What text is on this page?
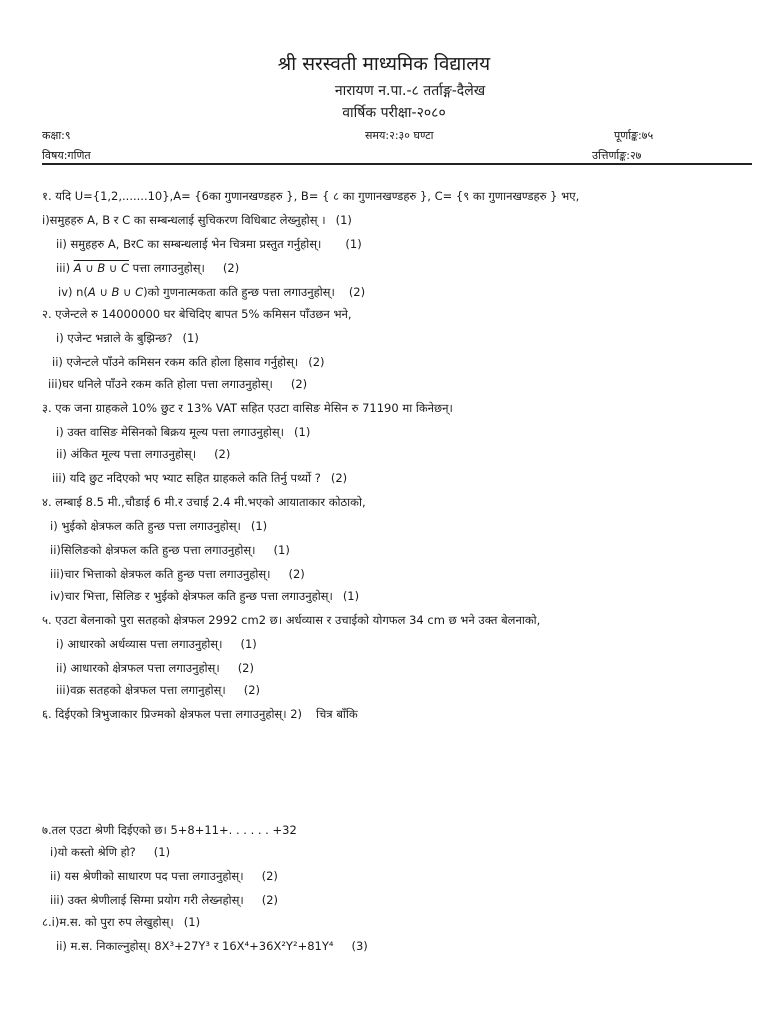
श्री सरस्वती माध्यमिक विद्यालय
नारायण न.पा.-८ तर्ताङ्ग-दैलेख
वार्षिक परीक्षा-२०८०
कक्षा:९
विषय:गणित
समय:२:३० घण्टा	पूर्णाङ्क:७५
उत्तिर्णाङ्क:२७
१. यदि U={1,2,.......10},A= {6का गुणानखण्डहरु }, B= { ८ का गुणानखण्डहरु }, C= {९ का गुणानखण्डहरु } भए,
i)समुहहरु A, B र C का सम्बन्धलाई सुचिकरण विधिबाट लेख्नुहोस् । (1)
ii) समुहहरु A, BरC का सम्बन्धलाई भेन चित्रमा प्रस्तुत गर्नुहोस्। (1)
iii) A ∪ B ∪ C पत्ता लगाउनुहोस्। (2)
iv) n(A ∪ B ∪ C)को गुणनात्मकता कति हुन्छ पत्ता लगाउनुहोस्। (2)
२. एजेन्टले रु 14000000 घर बेचिदिए बापत 5% कमिसन पाँउछन भने,
i) एजेन्ट भन्नाले के बुझिन्छ? (1)
ii) एजेन्टले पाँउने कमिसन रकम कति होला हिसाव गर्नुहोस्। (2)
iii)घर धनिले पाँउने रकम कति होला पत्ता लगाउनुहोस्। (2)
३. एक जना ग्राहकले 10% छुट र 13% VAT सहित एउटा वासिङ मेसिन रु 71190 मा किनेछन्।
i) उक्त वासिङ मेसिनको बिक्रय मूल्य पत्ता लगाउनुहोस्। (1)
ii) अंकित मूल्य पत्ता लगाउनुहोस्। (2)
iii) यदि छुट नदिएको भए भ्याट सहित ग्राहकले कति तिर्नु पर्थ्यो ? (2)
४. लम्बाई 8.5 मी.,चौडाई 6 मी.र उचाई 2.4 मी.भएको आयाताकार कोठाको,
i) भुईको क्षेत्रफल कति हुन्छ पत्ता लगाउनुहोस्। (1)
ii)सिलिङको क्षेत्रफल कति हुन्छ पत्ता लगाउनुहोस्। (1)
iii)चार भित्ताको क्षेत्रफल कति हुन्छ पत्ता लगाउनुहोस्। (2)
iv)चार भित्ता, सिलिङ र भुईको क्षेत्रफल कति हुन्छ पत्ता लगाउनुहोस्। (1)
५. एउटा बेलनाको पुरा सतहको क्षेत्रफल 2992 cm2 छ। अर्धव्यास र उचाईको योगफल 34 cm छ भने उक्त बेलनाको,
i) आधारको अर्धव्यास पत्ता लगाउनुहोस्। (1)
ii) आधारको क्षेत्रफल पत्ता लगाउनुहोस्। (2)
iii)वक्र सतहको क्षेत्रफल पत्ता लगानुहोस्। (2)
६. दिईएको त्रिभुजाकार प्रिज्मको क्षेत्रफल पत्ता लगाउनुहोस्। 2) चित्र बाँकि
७.तल एउटा श्रेणी दिईएको छ। 5+8+11+. . . . . . +32
i)यो कस्तो श्रेणि हो? (1)
ii) यस श्रेणीको साधारण पद पत्ता लगाउनुहोस्। (2)
iii) उक्त श्रेणीलाई सिग्मा प्रयोग गरी लेख्नहोस्। (2)
८.i)म.स. को पुरा रुप लेखुहोस्। (1)
ii) म.स. निकाल्नुहोस्। 8X³+27Y³ र 16X⁴+36X²Y²+81Y⁴ (3)
